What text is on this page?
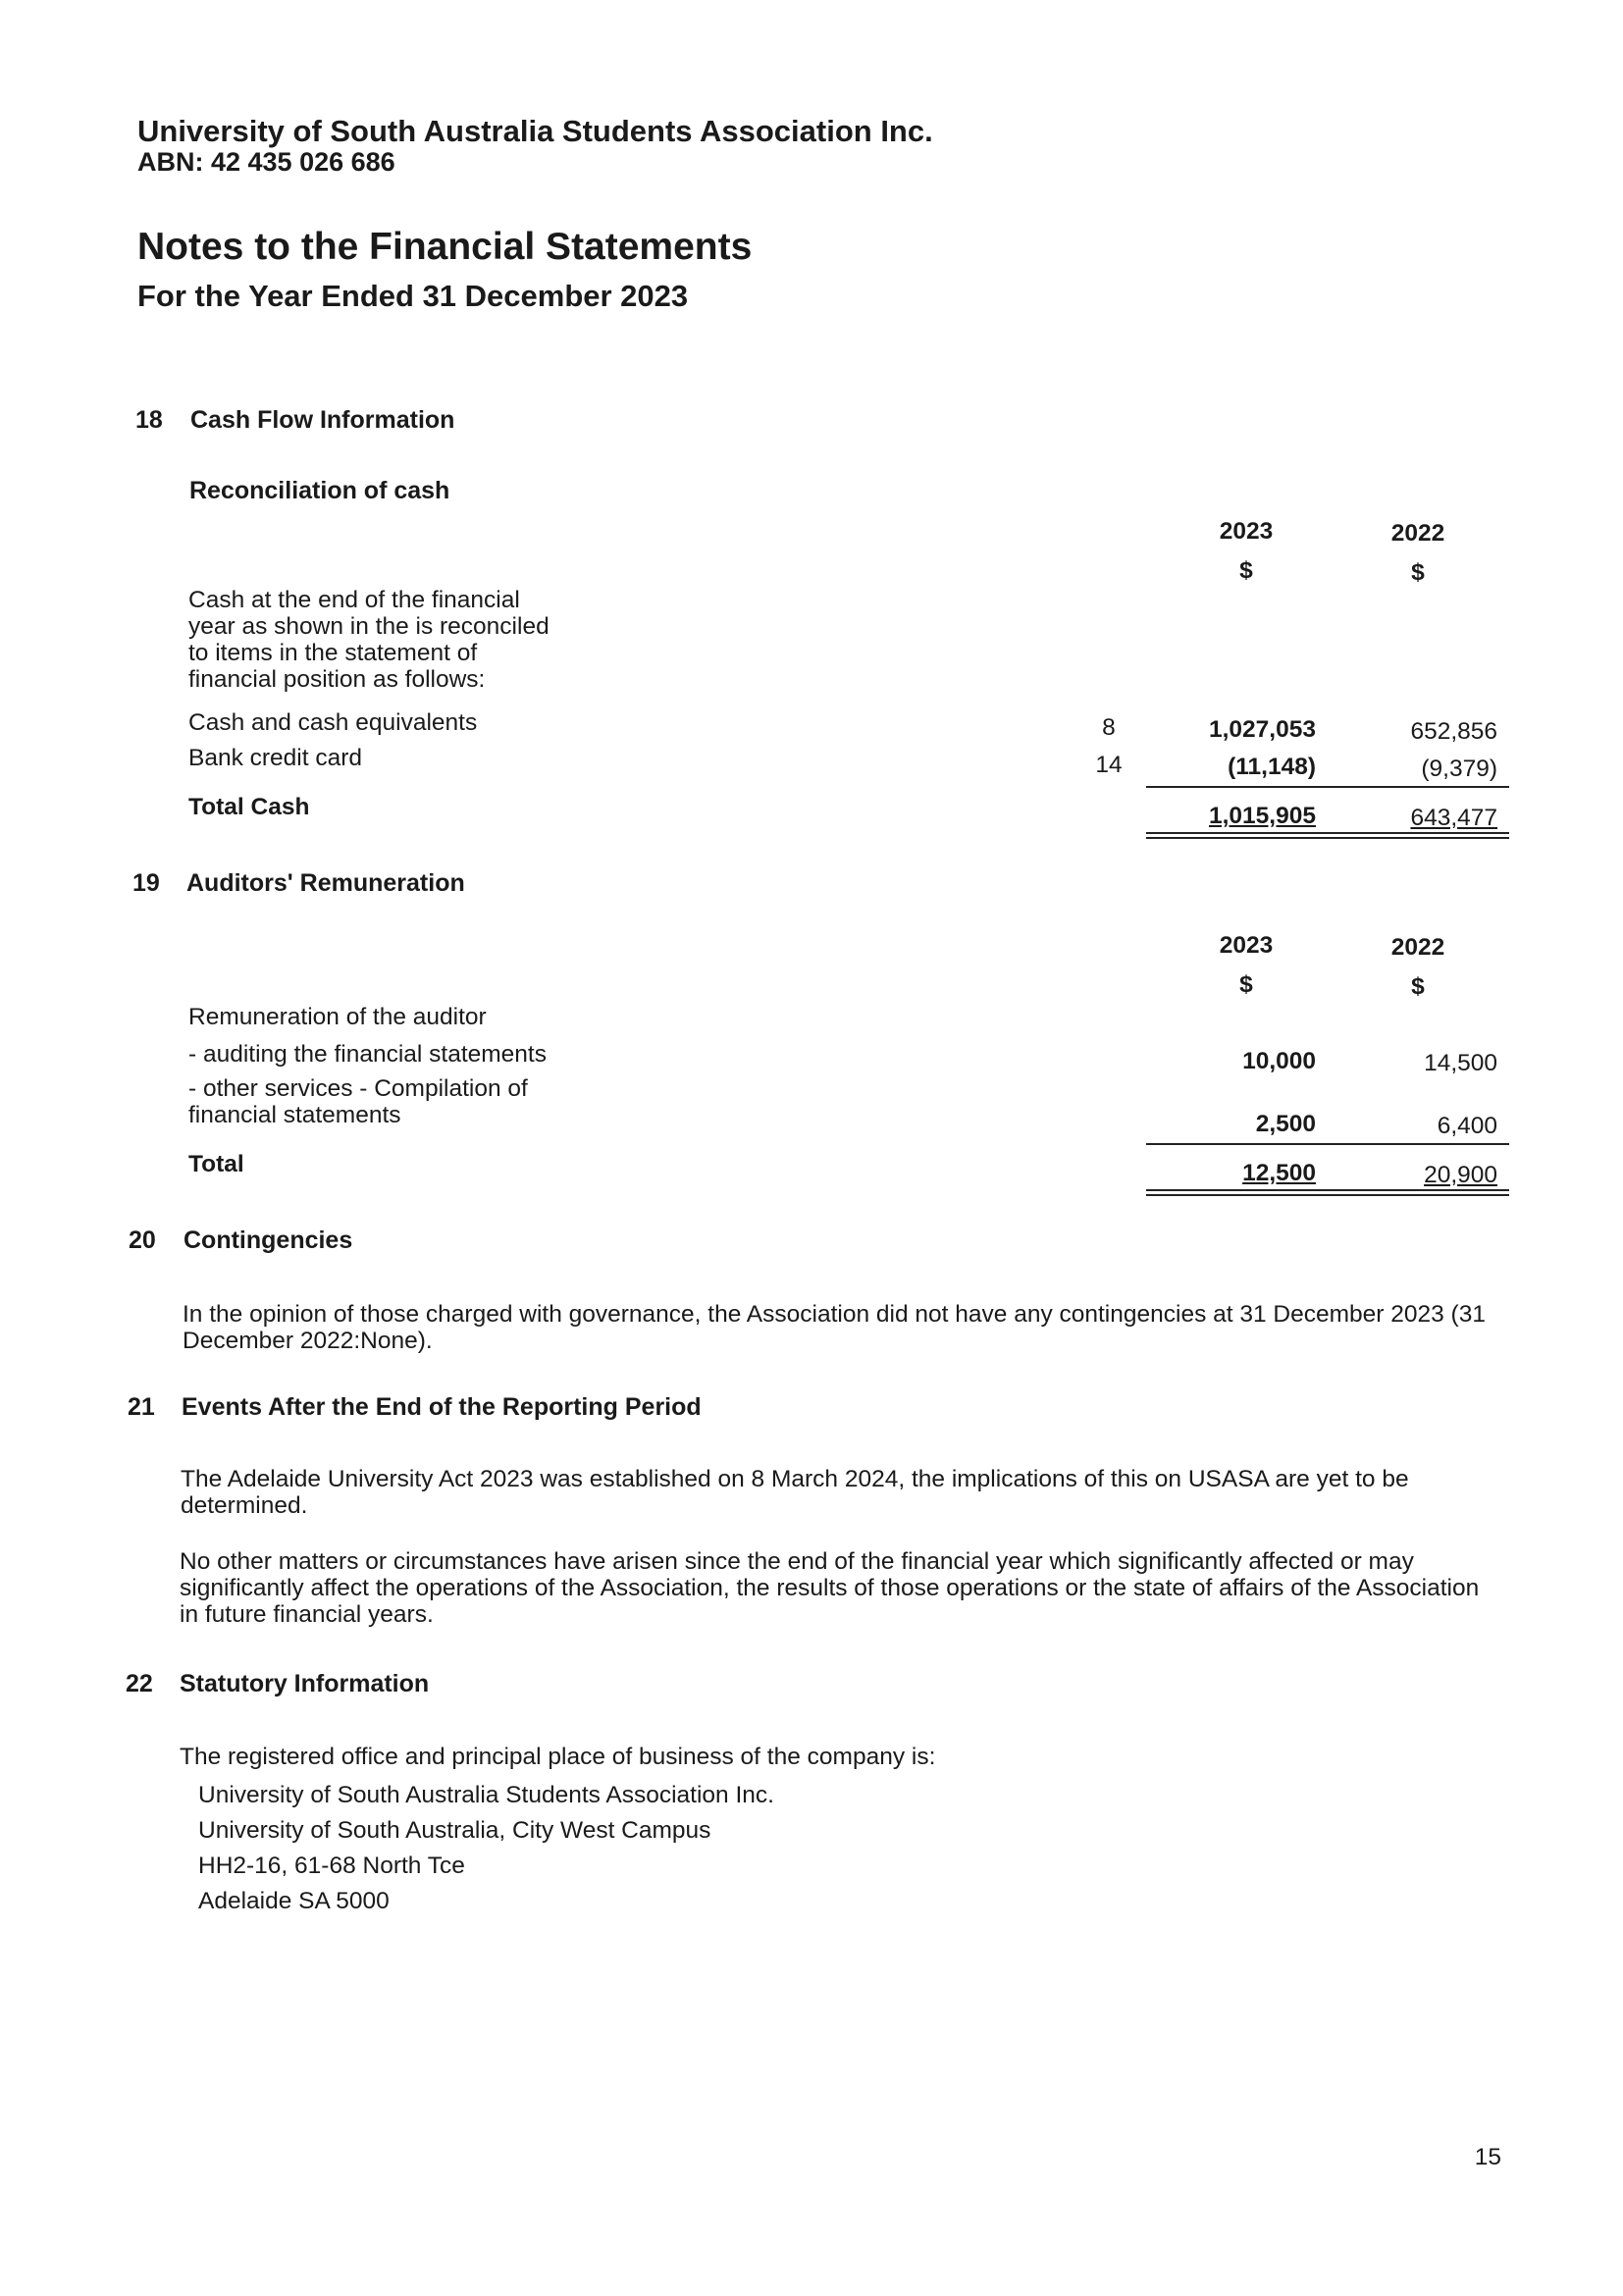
University of South Australia Students Association Inc.
ABN: 42 435 026 686
Notes to the Financial Statements
For the Year Ended 31 December 2023
18 Cash Flow Information
Reconciliation of cash
2023	2022
$	$
Cash at the end of the financial
year as shown in the is reconciled
to items in the statement of
financial position as follows:
Cash and cash equivalents	8	1,027,053	652,856
Bank credit card	14	(11,148)	(9,379)
Total Cash	1,015,905	643,477
19 Auditors' Remuneration
2023	2022
$	$
Remuneration of the auditor
- auditing the financial statements	10,000	14,500
- other services - Compilation of
financial statements	2,500	6,400
Total	12,500	20,900
20 Contingencies
In the opinion of those charged with governance, the Association did not have any contingencies at 31 December 2023 (31 December 2022:None).
21 Events After the End of the Reporting Period
The Adelaide University Act 2023 was established on 8 March 2024, the implications of this on USASA are yet to be determined.
No other matters or circumstances have arisen since the end of the financial year which significantly affected or may significantly affect the operations of the Association, the results of those operations or the state of affairs of the Association in future financial years.
22 Statutory Information
The registered office and principal place of business of the company is:
University of South Australia Students Association Inc.
University of South Australia, City West Campus
HH2-16, 61-68 North Tce
Adelaide SA 5000
15
